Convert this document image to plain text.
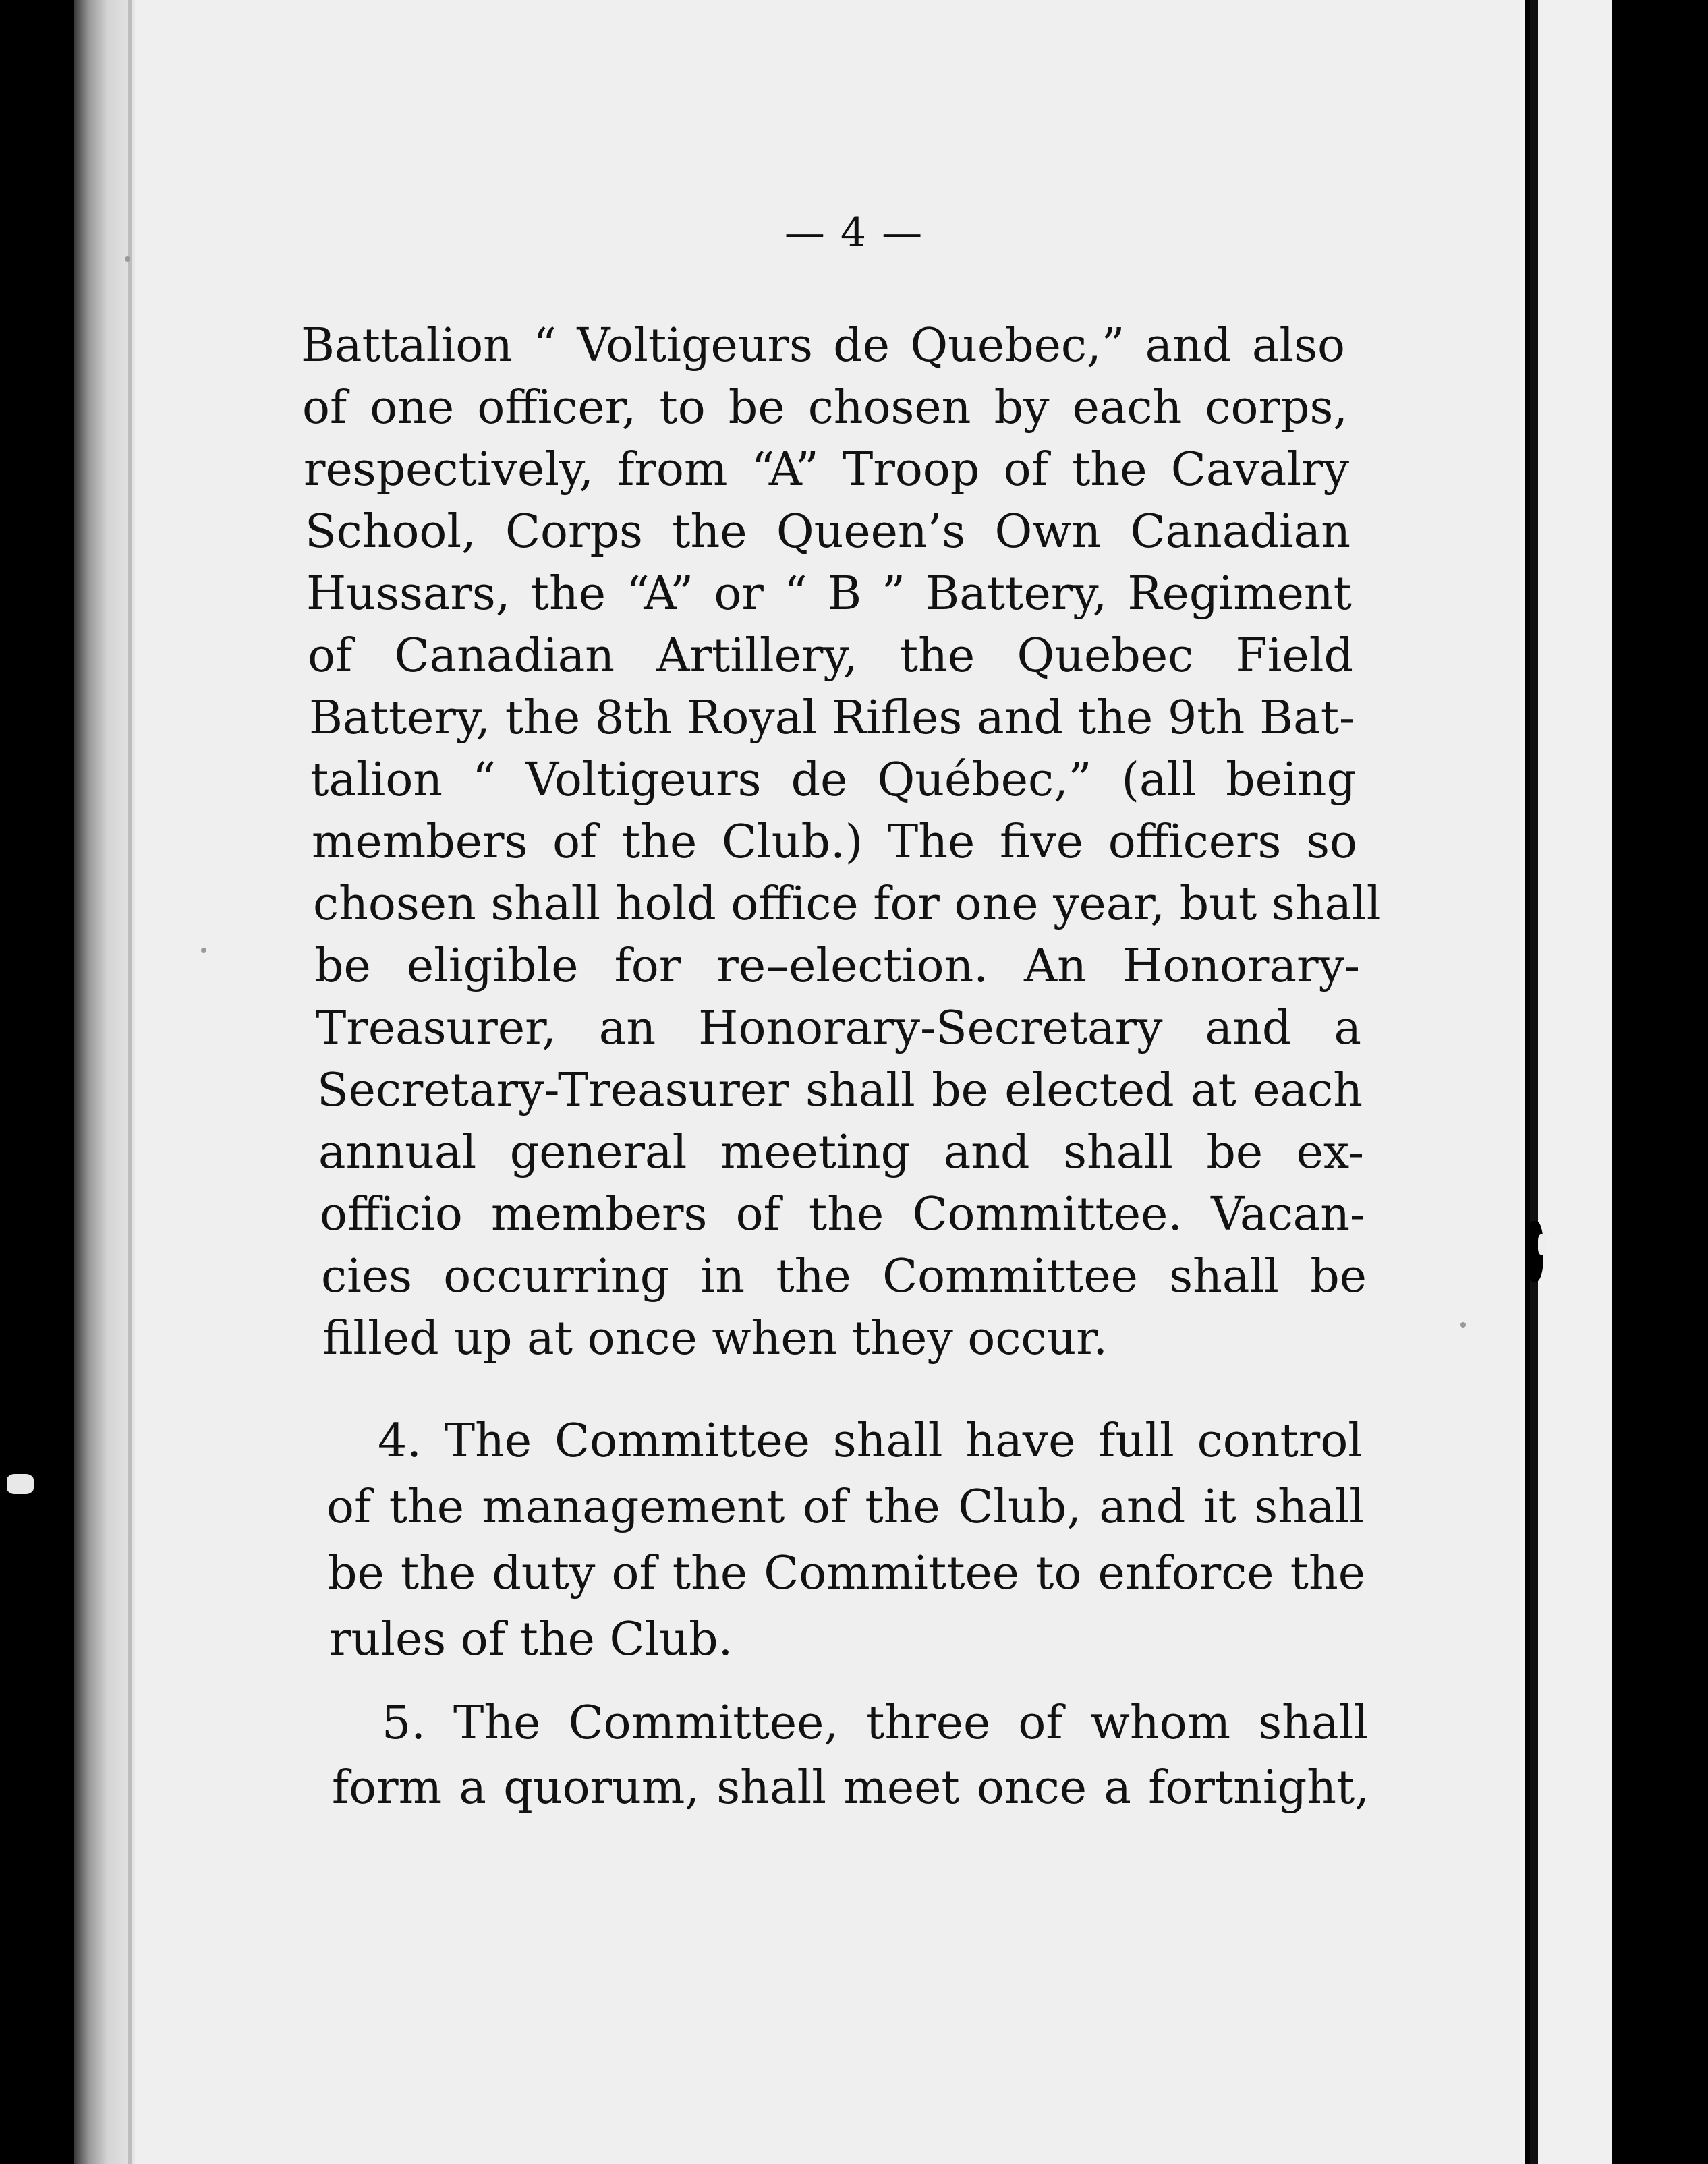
— 4 —

Battalion “ Voltigeurs de Quebec,” and also

of one officer, to be chosen by each corps,

respectively, from “A” Troop of the Cavalry

School, Corps the Queen’s Own Canadian

Hussars, the “A” or “ B ” Battery, Regiment

of Canadian Artillery, the Quebec Field

Battery, the 8th Royal Rifles and the 9th Bat-

talion “ Voltigeurs de Québec,” (all being

members of the Club.) The five officers so

chosen shall hold office for one year, but shall

be eligible for re–election. An Honorary-

Treasurer, an Honorary-Secretary and a

Secretary-Treasurer shall be elected at each

annual general meeting and shall be ex-

officio members of the Committee. Vacan-

cies occurring in the Committee shall be

filled up at once when they occur.

4. The Committee shall have full control

of the management of the Club, and it shall

be the duty of the Committee to enforce the

rules of the Club.

5. The Committee, three of whom shall

form a quorum, shall meet once a fortnight,
